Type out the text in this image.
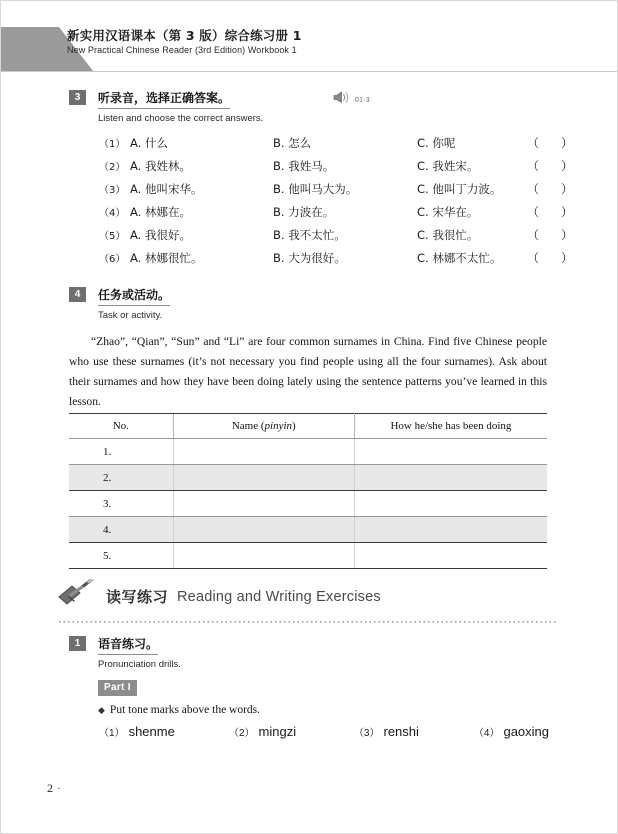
新实用汉语课本（第 3 版）综合练习册 1
New Practical Chinese Reader (3rd Edition) Workbook 1
3	听录音，选择正确答案。
Listen and choose the correct answers.
01-3
（1） A. 什么	B. 怎么	C. 你呢	（ ）
（2） A. 我姓林。	B. 我姓马。	C. 我姓宋。	（ ）
（3） A. 他叫宋华。	B. 他叫马大为。	C. 他叫丁力波。	（ ）
（4） A. 林娜在。	B. 力波在。	C. 宋华在。	（ ）
（5） A. 我很好。	B. 我不太忙。	C. 我很忙。	（ ）
（6） A. 林娜很忙。	B. 大为很好。	C. 林娜不太忙。	（ ）
4	任务或活动。
Task or activity.
“Zhao”, “Qian”, “Sun” and “Li” are four common surnames in China. Find five Chinese people who use these surnames (it’s not necessary you find people using all the four surnames). Ask about their surnames and how they have been doing lately using the sentence patterns you’ve learned in this lesson.
No.	Name (pinyin)	How he/she has been doing
1.		
2.		
3.		
4.		
5.		
读写练习 Reading and Writing Exercises
1	语音练习。
Pronunciation drills.
Part I
◆ Put tone marks above the words.
（1） shenme	（2） mingzi	（3） renshi	（4） gaoxing
2 ·
